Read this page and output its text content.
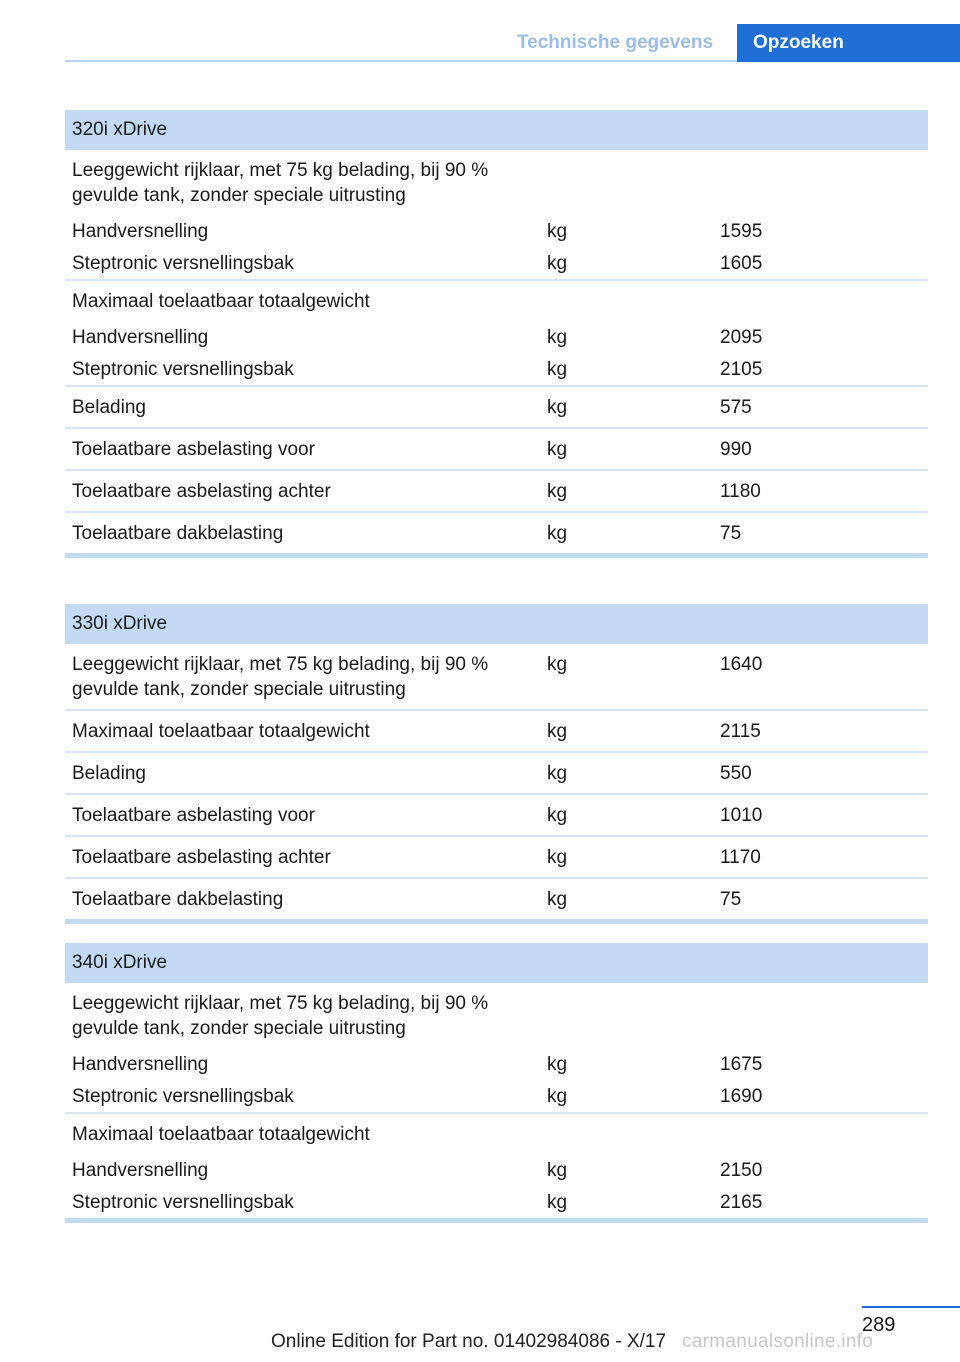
Technische gegevens	Opzoeken
320i xDrive		
Leeggewicht rijklaar, met 75 kg belading, bij 90 % gevulde tank, zonder speciale uitrusting		
Handversnelling	kg	1595
Steptronic versnellingsbak	kg	1605
Maximaal toelaatbaar totaalgewicht		
Handversnelling	kg	2095
Steptronic versnellingsbak	kg	2105
Belading	kg	575
Toelaatbare asbelasting voor	kg	990
Toelaatbare asbelasting achter	kg	1180
Toelaatbare dakbelasting	kg	75

330i xDrive		
Leeggewicht rijklaar, met 75 kg belading, bij 90 % gevulde tank, zonder speciale uitrusting	kg	1640
Maximaal toelaatbaar totaalgewicht	kg	2115
Belading	kg	550
Toelaatbare asbelasting voor	kg	1010
Toelaatbare asbelasting achter	kg	1170
Toelaatbare dakbelasting	kg	75

340i xDrive		
Leeggewicht rijklaar, met 75 kg belading, bij 90 % gevulde tank, zonder speciale uitrusting		
Handversnelling	kg	1675
Steptronic versnellingsbak	kg	1690
Maximaal toelaatbaar totaalgewicht		
Handversnelling	kg	2150
Steptronic versnellingsbak	kg	2165

289
Online Edition for Part no. 01402984086 - X/17 carmanualsonline.info
